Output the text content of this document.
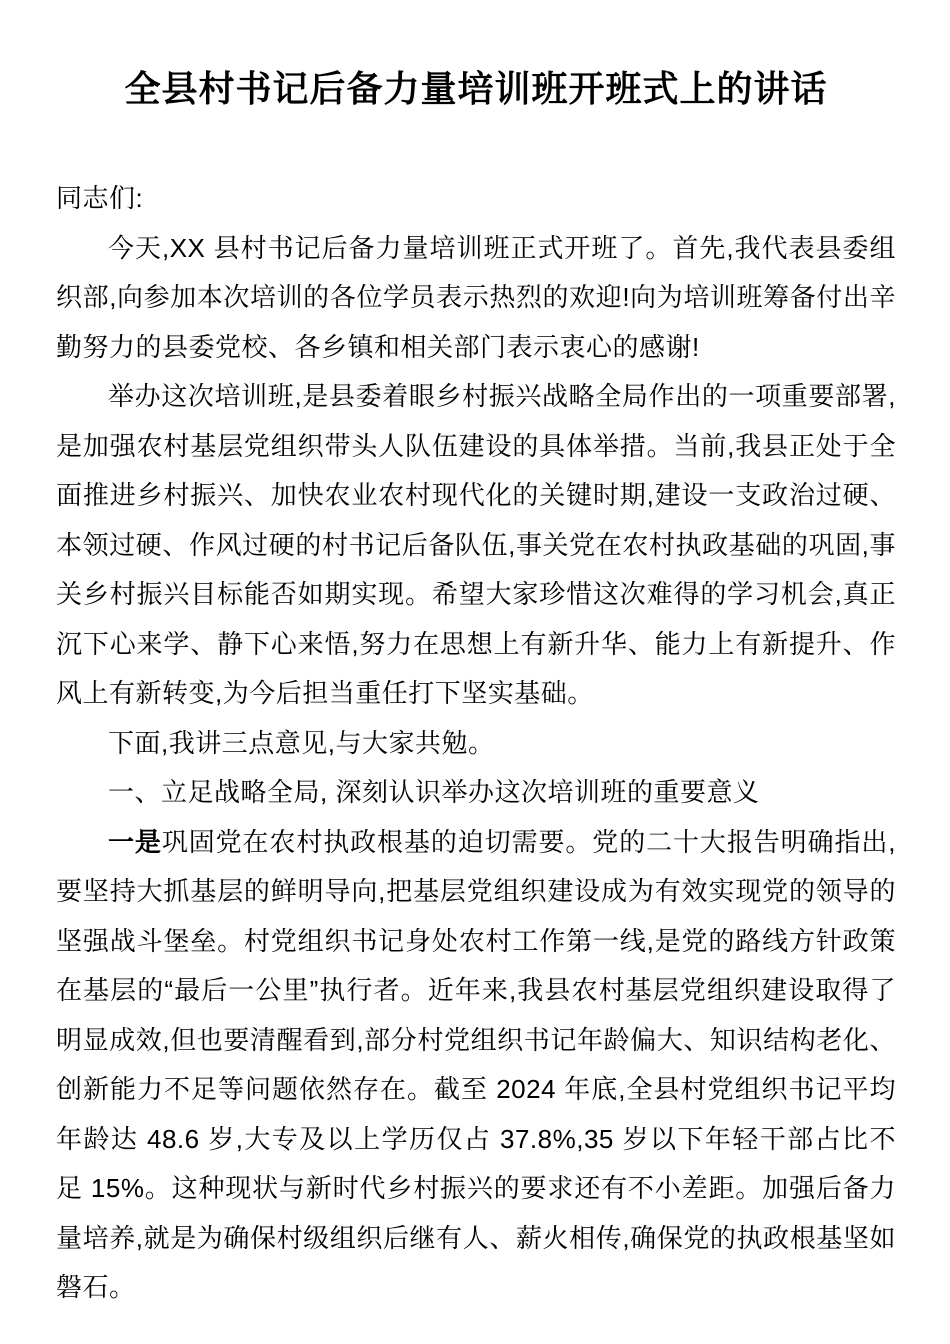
全县村书记后备力量培训班开班式上的讲话

同志们:

今天,XX 县村书记后备力量培训班正式开班了。首先,我代表县委组织部,向参加本次培训的各位学员表示热烈的欢迎!向为培训班筹备付出辛勤努力的县委党校、各乡镇和相关部门表示衷心的感谢!

举办这次培训班,是县委着眼乡村振兴战略全局作出的一项重要部署,是加强农村基层党组织带头人队伍建设的具体举措。当前,我县正处于全面推进乡村振兴、加快农业农村现代化的关键时期,建设一支政治过硬、本领过硬、作风过硬的村书记后备队伍,事关党在农村执政基础的巩固,事关乡村振兴目标能否如期实现。希望大家珍惜这次难得的学习机会,真正沉下心来学、静下心来悟,努力在思想上有新升华、能力上有新提升、作风上有新转变,为今后担当重任打下坚实基础。

下面,我讲三点意见,与大家共勉。

一、立足战略全局, 深刻认识举办这次培训班的重要意义

一是巩固党在农村执政根基的迫切需要。党的二十大报告明确指出,要坚持大抓基层的鲜明导向,把基层党组织建设成为有效实现党的领导的坚强战斗堡垒。村党组织书记身处农村工作第一线,是党的路线方针政策在基层的“最后一公里”执行者。近年来,我县农村基层党组织建设取得了明显成效,但也要清醒看到,部分村党组织书记年龄偏大、知识结构老化、创新能力不足等问题依然存在。截至 2024 年底,全县村党组织书记平均年龄达 48.6 岁,大专及以上学历仅占 37.8%,35 岁以下年轻干部占比不足 15%。这种现状与新时代乡村振兴的要求还有不小差距。加强后备力量培养,就是为确保村级组织后继有人、薪火相传,确保党的执政根基坚如磐石。
